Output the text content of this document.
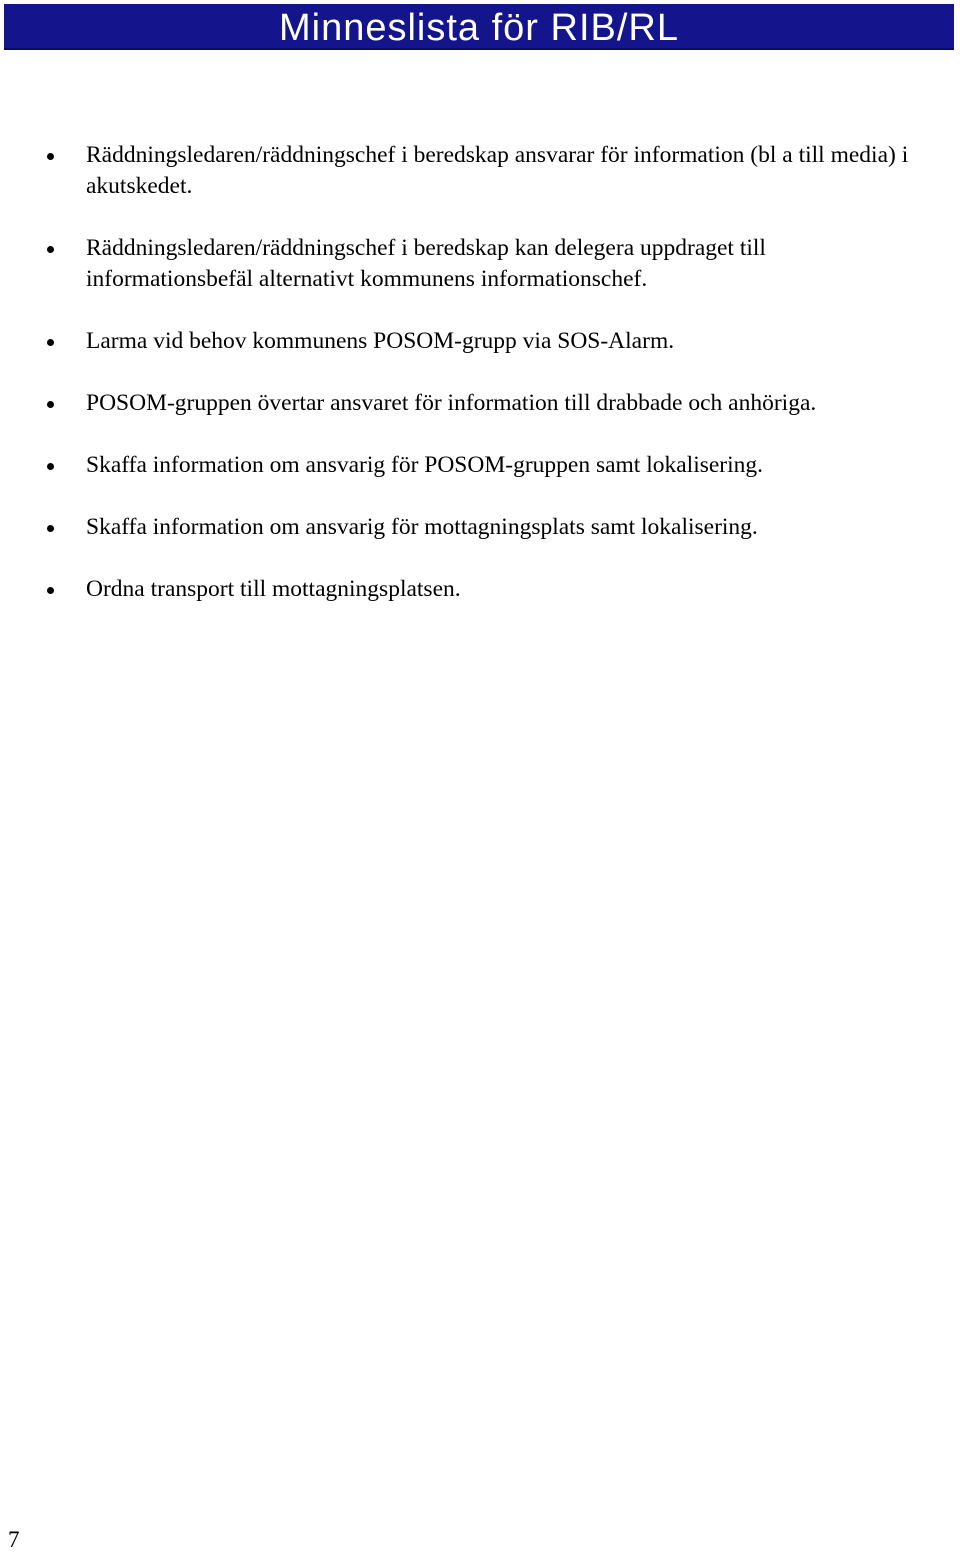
Minneslista för RIB/RL
Räddningsledaren/räddningschef i beredskap ansvarar för information (bl a till media) i akutskedet.
Räddningsledaren/räddningschef i beredskap kan delegera uppdraget till informationsbefäl alternativt kommunens informationschef.
Larma vid behov kommunens POSOM-grupp via SOS-Alarm.
POSOM-gruppen övertar ansvaret för information till drabbade och anhöriga.
Skaffa information om ansvarig för POSOM-gruppen samt lokalisering.
Skaffa information om ansvarig för mottagningsplats samt lokalisering.
Ordna transport till mottagningsplatsen.
7
